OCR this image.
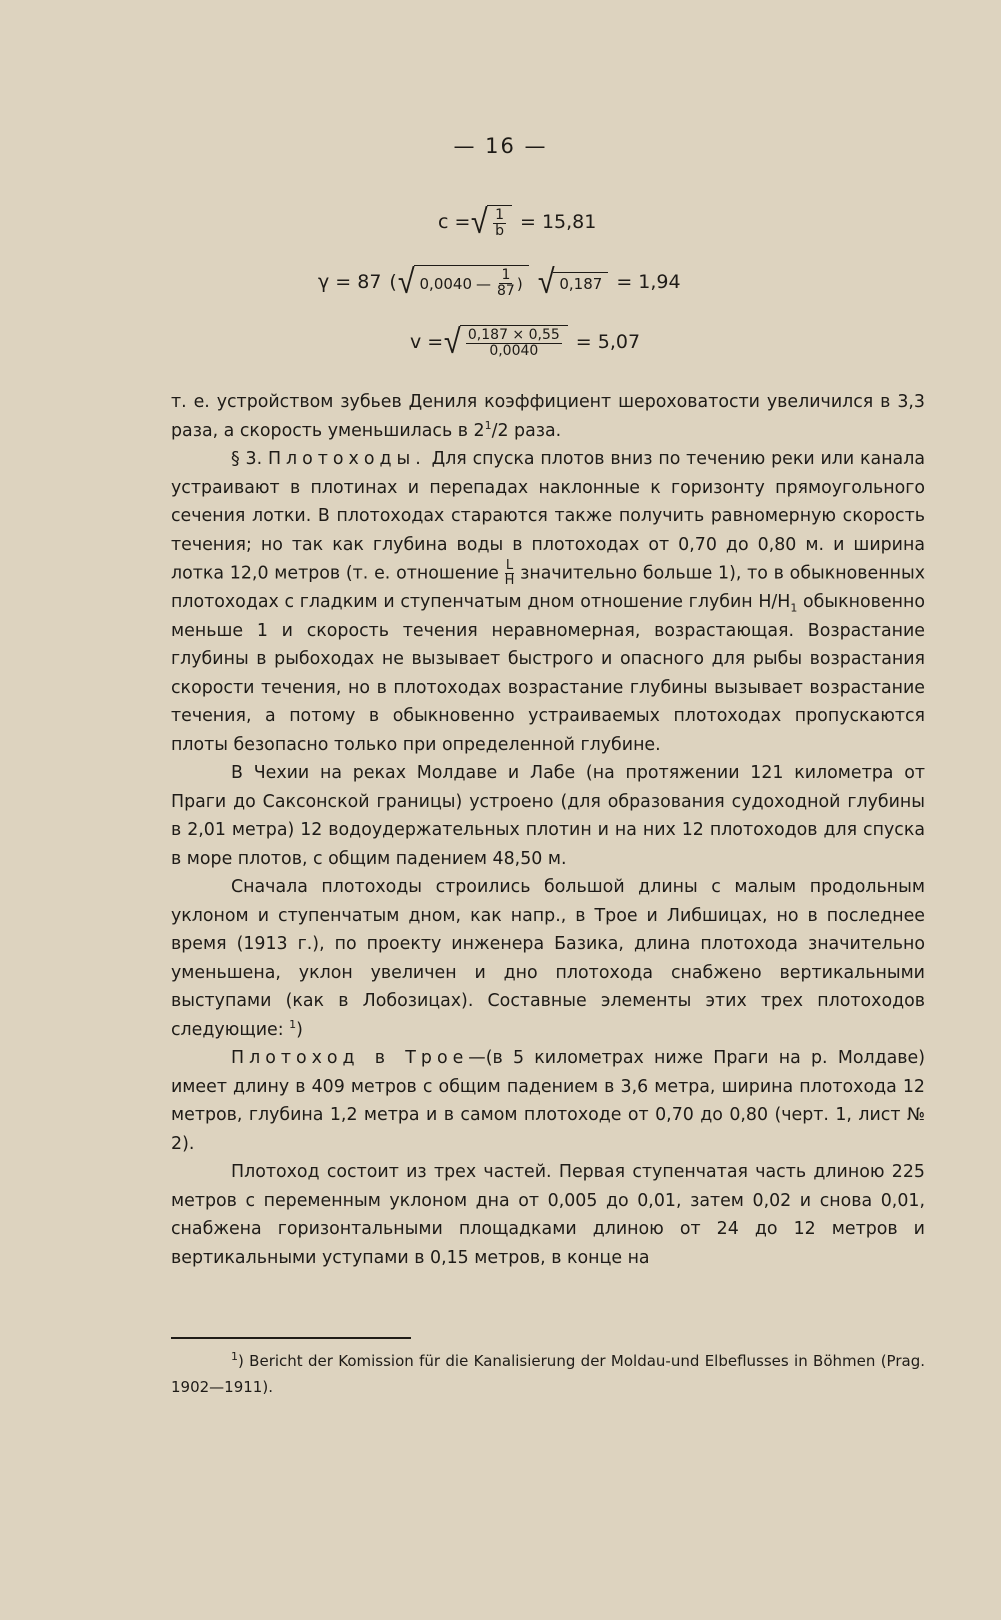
— 16 —
c = √ $\frac{1}{b} = 15,81$
γ = 87 ( √ 0,0040 — $\frac{1}{87}$ ) √ 0,187 = 1,94
v = √ $\frac{0,187 \times 0,55}{0,0040} = 5,07$

т. е. устройством зубьев Дениля коэффициент шероховатости увеличился в 3,3 раза, а скорость уменьшилась в $2^1/2$ раза.

§ 3. Плотоходы. Для спуска плотов вниз по течению реки или канала устраивают в плотинах и перепадах наклонные к горизонту прямоугольного сечения лотки. В плотоходах стараются также получить равномерную скорость течения; но так как глубина воды в плотоходах от 0,70 до 0,80 м. и ширина лотка 12,0 метров (т. е. отношение $\frac{L}{H}$ значительно больше 1), то в обыкновенных плотоходах с гладким и ступенчатым дном отношение глубин $H/H_1$ обыкновенно меньше 1 и скорость течения неравномерная, возрастающая. Возрастание глубины в рыбоходах не вызывает быстрого и опасного для рыбы возрастания скорости течения, но в плотоходах возрастание глубины вызывает возрастание течения, а потому в обыкновенно устраиваемых плотоходах пропускаются плоты безопасно только при определенной глубине.

В Чехии на реках Молдаве и Лабе (на протяжении 121 километра от Праги до Саксонской границы) устроено (для образования судоходной глубины в 2,01 метра) 12 водоудержательных плотин и на них 12 плотоходов для спуска в море плотов, с общим падением 48,50 м.

Сначала плотоходы строились большой длины с малым продольным уклоном и ступенчатым дном, как напр., в Трое и Либшицах, но в последнее время (1913 г.), по проекту инженера Базика, длина плотохода значительно уменьшена, уклон увеличен и дно плотохода снабжено вертикальными выступами (как в Лобозицах). Составные элементы этих трех плотоходов следующие: $^1$)

Плотоход в Трое—(в 5 километрах ниже Праги на р. Молдаве) имеет длину в 409 метров с общим падением в 3,6 метра, ширина плотохода 12 метров, глубина 1,2 метра и в самом плотоходе от 0,70 до 0,80 (черт. 1, лист № 2).

Плотоход состоит из трех частей. Первая ступенчатая часть длиною 225 метров с переменным уклоном дна от 0,005 до 0,01, затем 0,02 и снова 0,01, снабжена горизонтальными площадками длиною от 24 до 12 метров и вертикальными уступами в 0,15 метров, в конце на

$^1$) Bericht der Komission für die Kanalisierung der Moldau-und Elbeflusses in Böhmen (Prag. 1902—1911).
